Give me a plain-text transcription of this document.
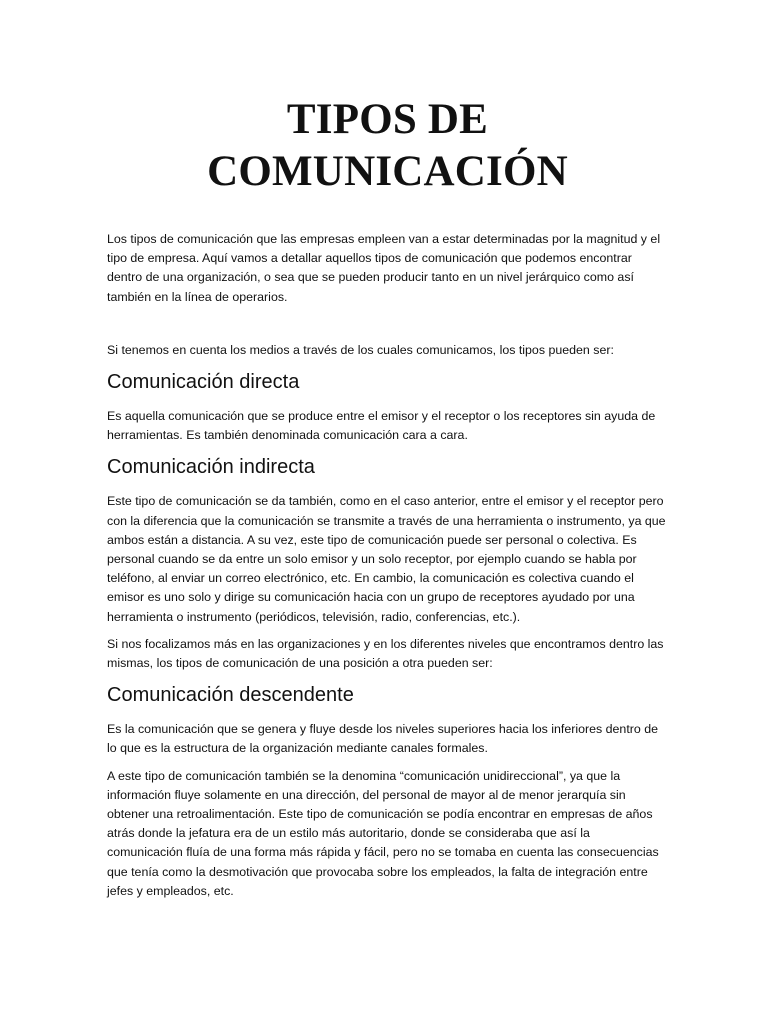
TIPOS DE
COMUNICACIÓN

Los tipos de comunicación que las empresas empleen van a estar determinadas por la magnitud y el tipo de empresa. Aquí vamos a detallar aquellos tipos de comunicación que podemos encontrar dentro de una organización, o sea que se pueden producir tanto en un nivel jerárquico como así también en la línea de operarios.

Si tenemos en cuenta los medios a través de los cuales comunicamos, los tipos pueden ser:

Comunicación directa

Es aquella comunicación que se produce entre el emisor y el receptor o los receptores sin ayuda de herramientas. Es también denominada comunicación cara a cara.

Comunicación indirecta

Este tipo de comunicación se da también, como en el caso anterior, entre el emisor y el receptor pero con la diferencia que la comunicación se transmite a través de una herramienta o instrumento, ya que ambos están a distancia. A su vez, este tipo de comunicación puede ser personal o colectiva. Es personal cuando se da entre un solo emisor y un solo receptor, por ejemplo cuando se habla por teléfono, al enviar un correo electrónico, etc. En cambio, la comunicación es colectiva cuando el emisor es uno solo y dirige su comunicación hacia con un grupo de receptores ayudado por una herramienta o instrumento (periódicos, televisión, radio, conferencias, etc.).

Si nos focalizamos más en las organizaciones y en los diferentes niveles que encontramos dentro las mismas, los tipos de comunicación de una posición a otra pueden ser:

Comunicación descendente

Es la comunicación que se genera y fluye desde los niveles superiores hacia los inferiores dentro de lo que es la estructura de la organización mediante canales formales.

A este tipo de comunicación también se la denomina “comunicación unidireccional”, ya que la información fluye solamente en una dirección, del personal de mayor al de menor jerarquía sin obtener una retroalimentación. Este tipo de comunicación se podía encontrar en empresas de años atrás donde la jefatura era de un estilo más autoritario, donde se consideraba que así la comunicación fluía de una forma más rápida y fácil, pero no se tomaba en cuenta las consecuencias que tenía como la desmotivación que provocaba sobre los empleados, la falta de integración entre jefes y empleados, etc.
